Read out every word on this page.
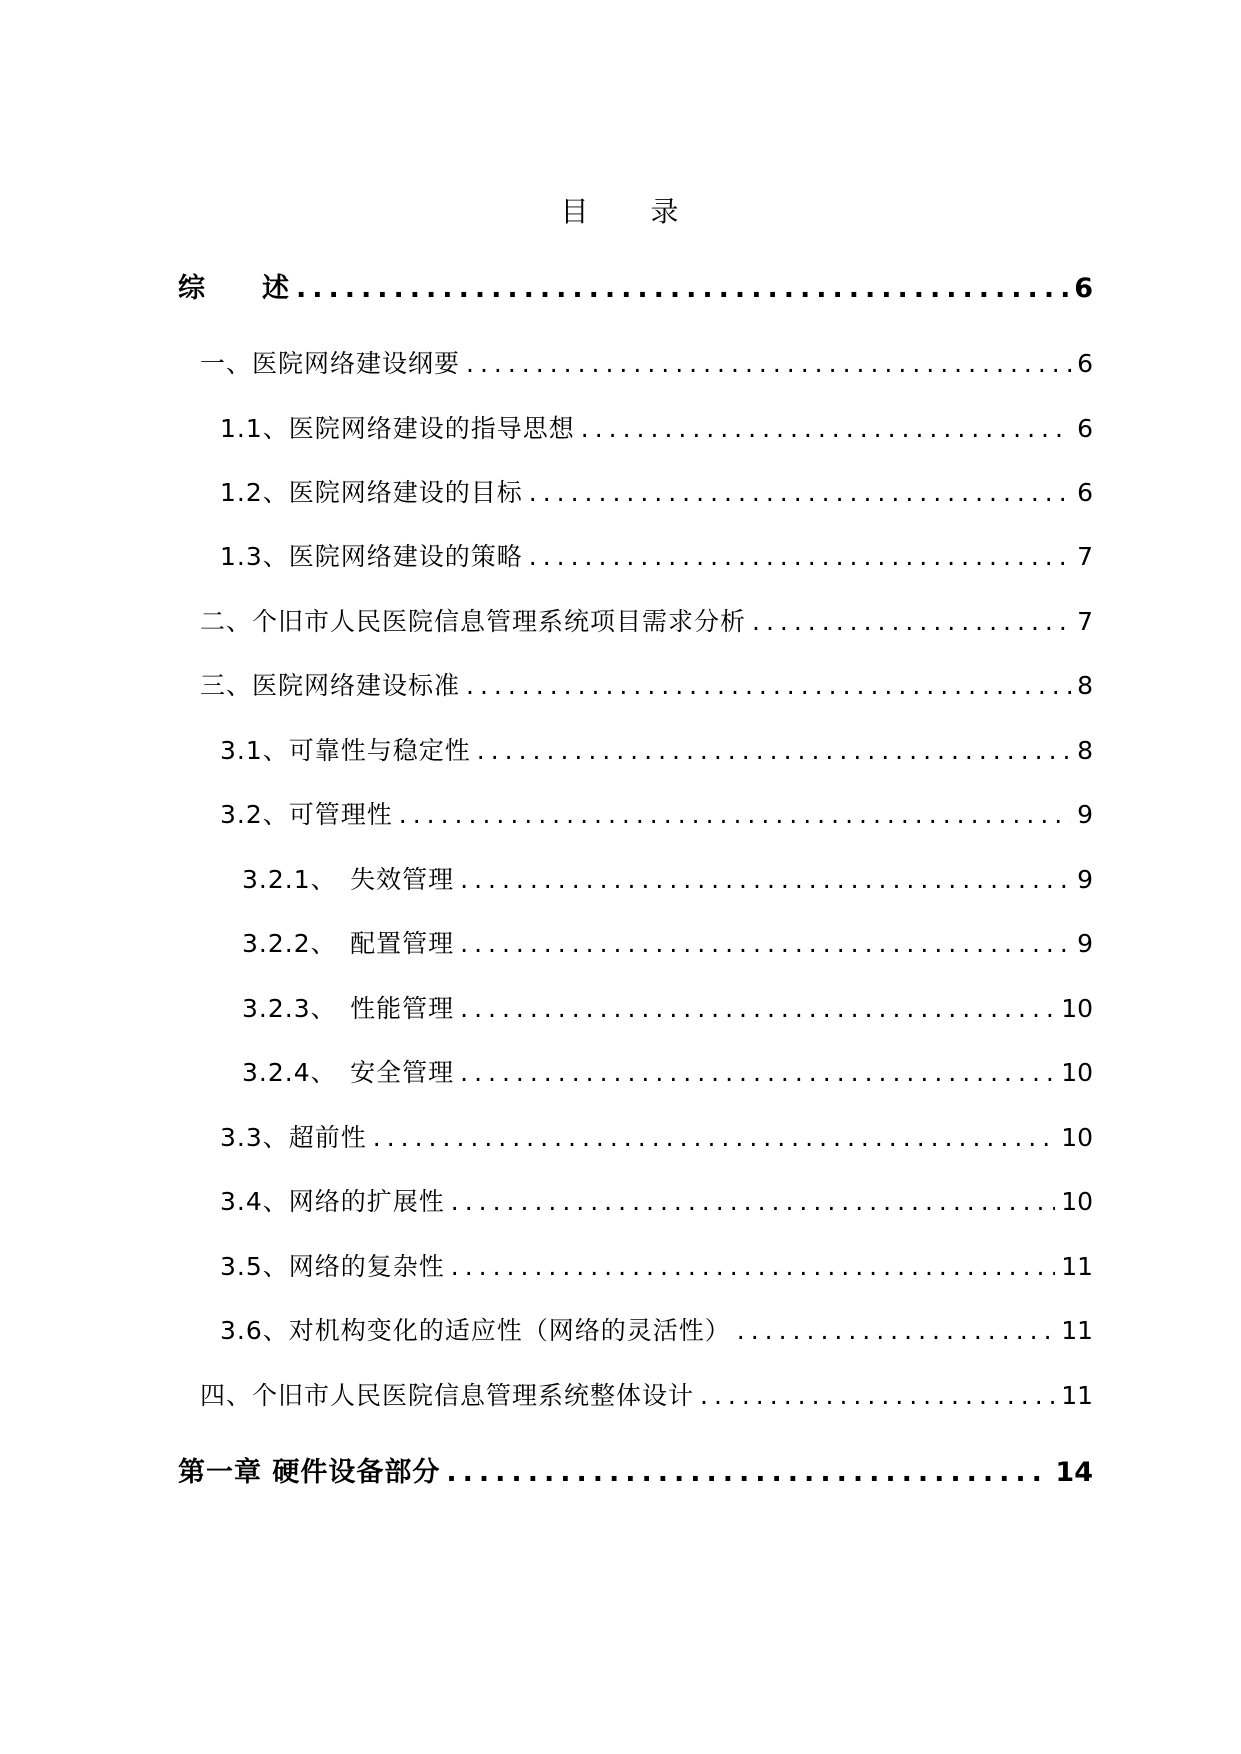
目 录
综　　述 .....	6
一、医院网络建设纲要 .....	6
1.1、医院网络建设的指导思想 .....	6
1.2、医院网络建设的目标 .....	6
1.3、医院网络建设的策略 .....	7
二、个旧市人民医院信息管理系统项目需求分析 .....	7
三、医院网络建设标准 .....	8
3.1、可靠性与稳定性 .....	8
3.2、可管理性 .....	9
3.2.1、　失效管理 .....	9
3.2.2、　配置管理 .....	9
3.2.3、　性能管理 .....	10
3.2.4、　安全管理 .....	10
3.3、超前性 .....	10
3.4、网络的扩展性 .....	10
3.5、网络的复杂性 .....	11
3.6、对机构变化的适应性（网络的灵活性） .....	11
四、个旧市人民医院信息管理系统整体设计 .....	11
第一章 硬件设备部分 .....	14
